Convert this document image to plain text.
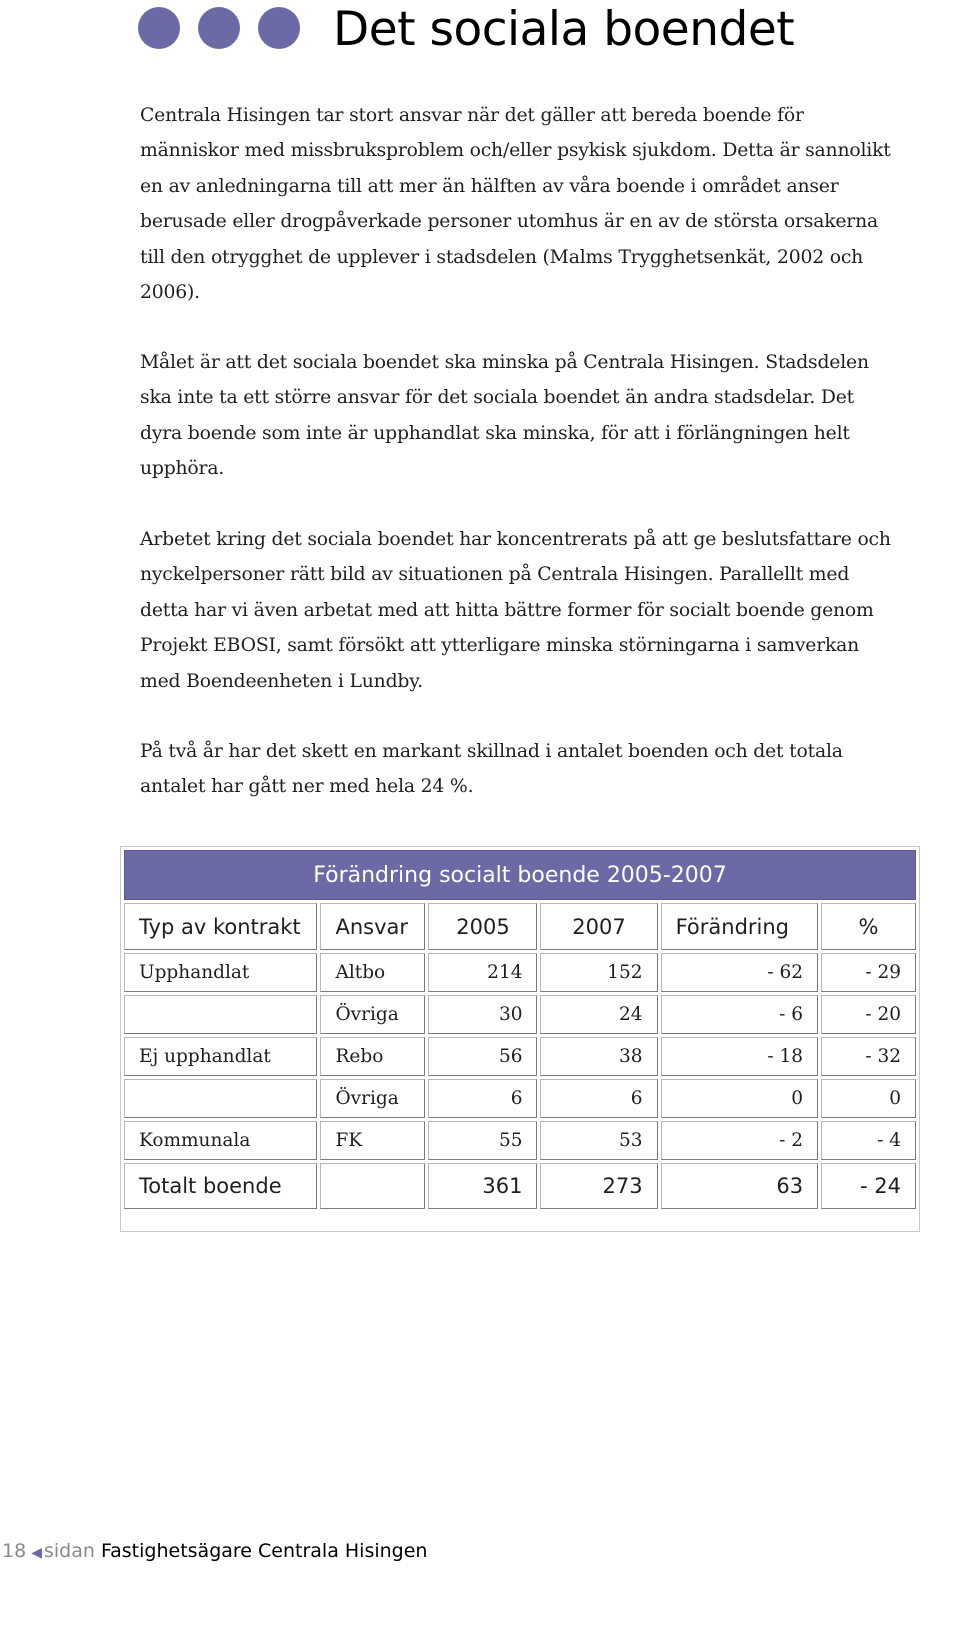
Det sociala boendet

Centrala Hisingen tar stort ansvar när det gäller att bereda boende för människor med missbruksproblem och/eller psykisk sjukdom. Detta är sannolikt en av anledningarna till att mer än hälften av våra boende i området anser berusade eller drogpåverkade personer utomhus är en av de största orsakerna till den otrygghet de upplever i stadsdelen (Malms Trygghetsenkät, 2002 och 2006).

Målet är att det sociala boendet ska minska på Centrala Hisingen. Stadsdelen ska inte ta ett större ansvar för det sociala boendet än andra stadsdelar. Det dyra boende som inte är upphandlat ska minska, för att i förlängningen helt upphöra.

Arbetet kring det sociala boendet har koncentrerats på att ge beslutsfattare och nyckelpersoner rätt bild av situationen på Centrala Hisingen. Parallellt med detta har vi även arbetat med att hitta bättre former för socialt boende genom Projekt EBOSI, samt försökt att ytterligare minska störningarna i samverkan med Boendeenheten i Lundby.

På två år har det skett en markant skillnad i antalet boenden och det totala antalet har gått ner med hela 24 %.

Förändring socialt boende 2005-2007					
Typ av kontrakt	Ansvar	2005	2007	Förändring	%
Upphandlat	Altbo	214	152	- 62	- 29
	Övriga	30	24	- 6	- 20
Ej upphandlat	Rebo	56	38	- 18	- 32
	Övriga	6	6	0	0
Kommunala	FK	55	53	- 2	- 4
Totalt boende		361	273	63	- 24
18 ◀ sidan Fastighetsägare Centrala Hisingen
